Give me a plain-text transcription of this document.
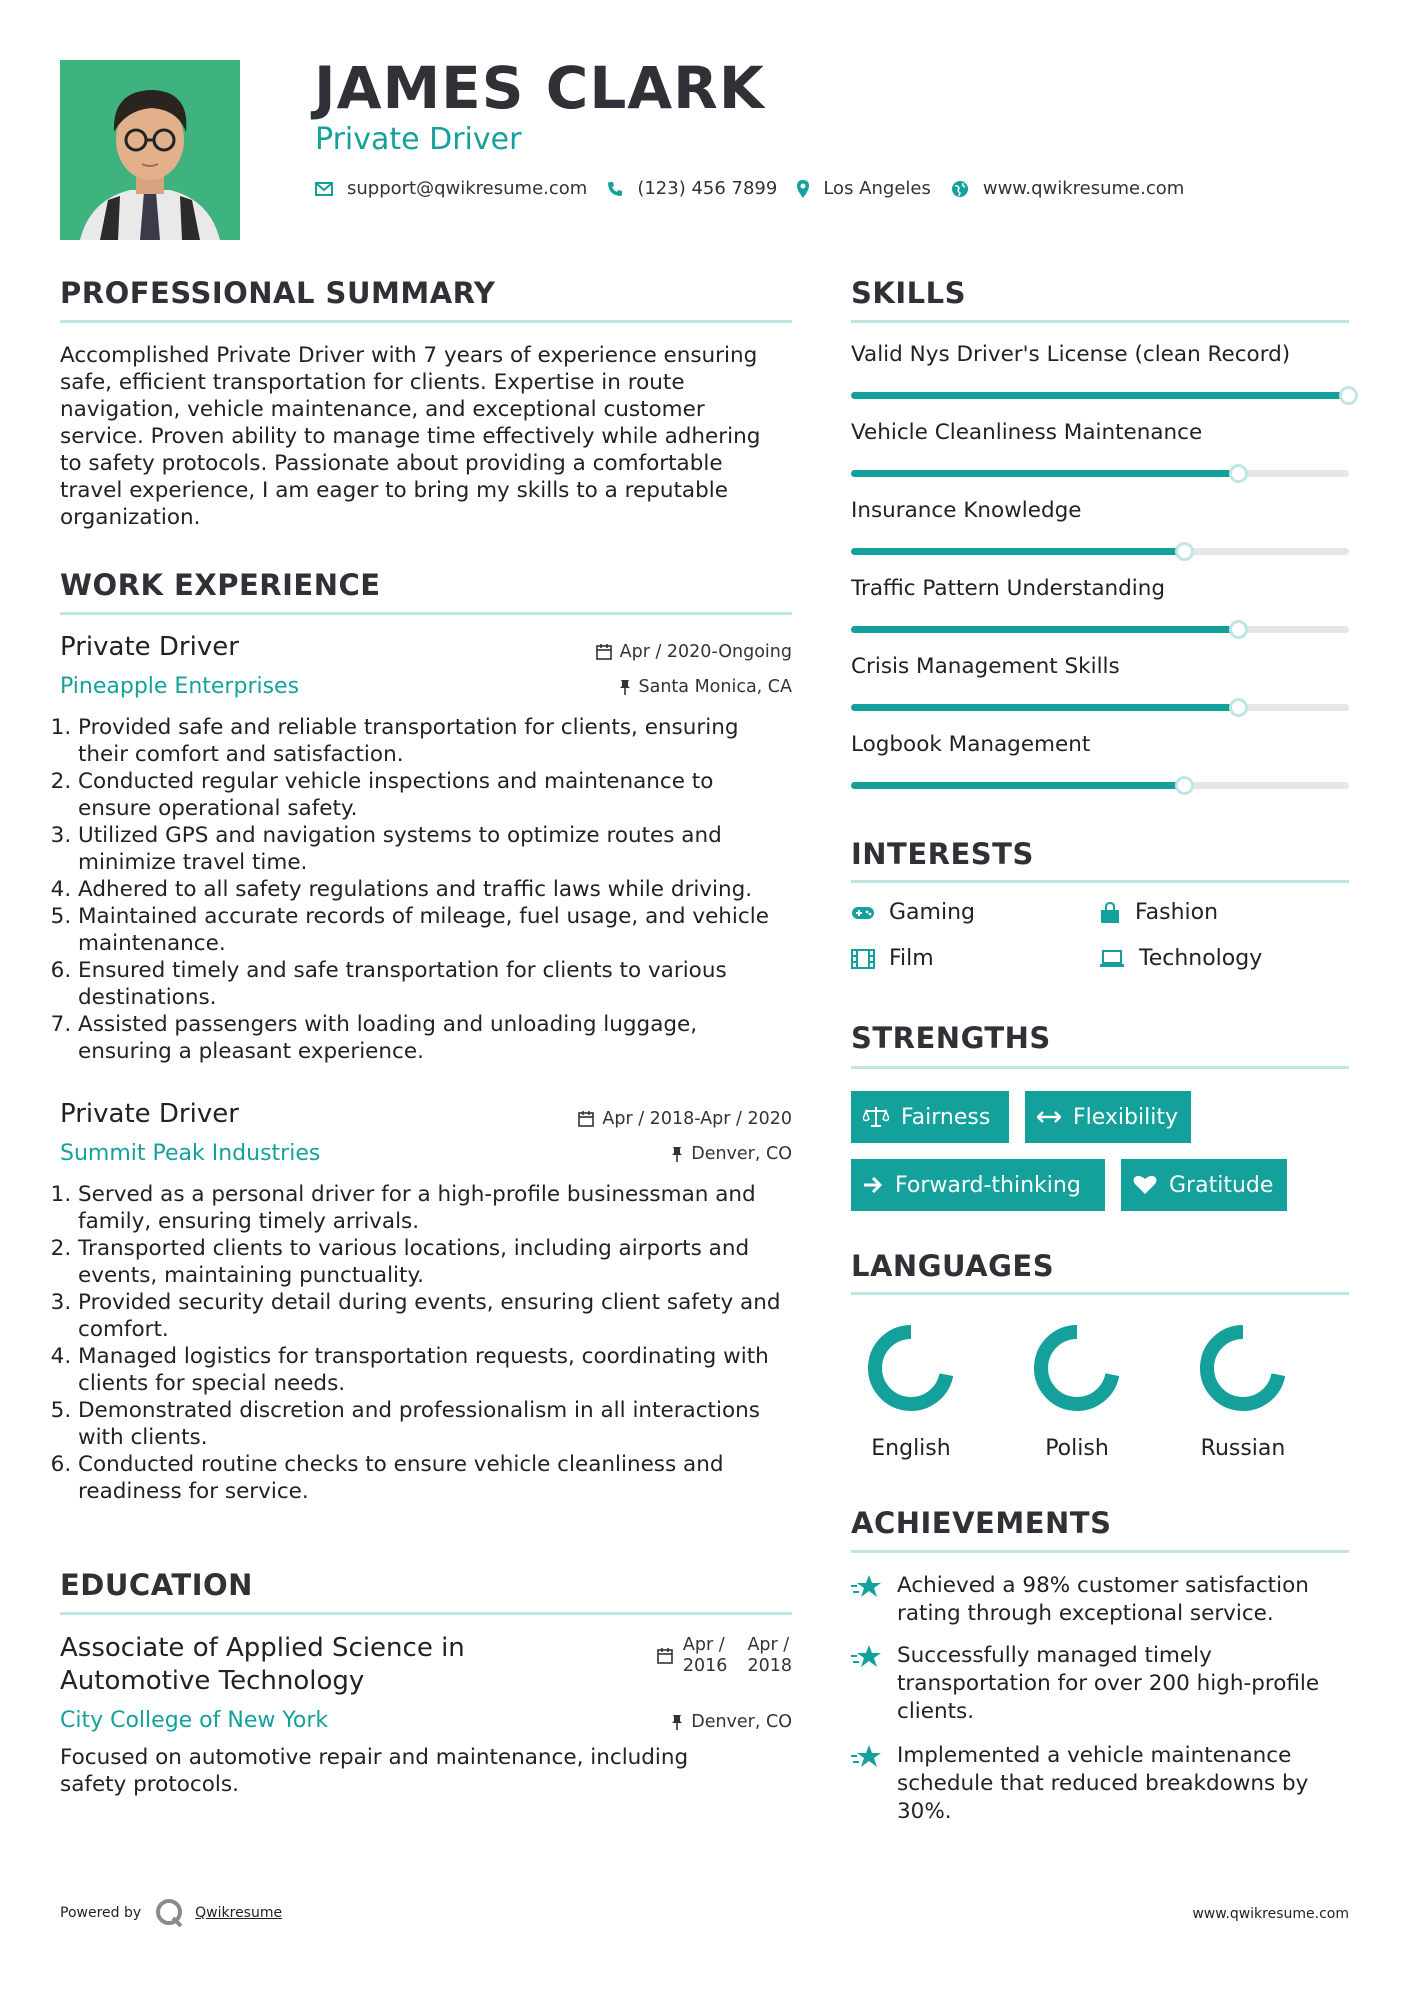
JAMES CLARK
Private Driver
support@qwikresume.com	(123) 456 7899	Los Angeles	www.qwikresume.com
PROFESSIONAL SUMMARY
Accomplished Private Driver with 7 years of experience ensuring
safe, efficient transportation for clients. Expertise in route
navigation, vehicle maintenance, and exceptional customer
service. Proven ability to manage time effectively while adhering
to safety protocols. Passionate about providing a comfortable
travel experience, I am eager to bring my skills to a reputable
organization.
WORK EXPERIENCE
Private Driver
Pineapple Enterprises
Apr / 2020-Ongoing
Santa Monica, CA
1. Provided safe and reliable transportation for clients, ensuring their comfort and satisfaction.
2. Conducted regular vehicle inspections and maintenance to ensure operational safety.
3. Utilized GPS and navigation systems to optimize routes and minimize travel time.
4. Adhered to all safety regulations and traffic laws while driving.
5. Maintained accurate records of mileage, fuel usage, and vehicle maintenance.
6. Ensured timely and safe transportation for clients to various destinations.
7. Assisted passengers with loading and unloading luggage, ensuring a pleasant experience.
Private Driver
Summit Peak Industries
Apr / 2018-Apr / 2020
Denver, CO
1. Served as a personal driver for a high-profile businessman and family, ensuring timely arrivals.
2. Transported clients to various locations, including airports and events, maintaining punctuality.
3. Provided security detail during events, ensuring client safety and comfort.
4. Managed logistics for transportation requests, coordinating with clients for special needs.
5. Demonstrated discretion and professionalism in all interactions with clients.
6. Conducted routine checks to ensure vehicle cleanliness and readiness for service.
EDUCATION
Associate of Applied Science in
Automotive Technology
City College of New York
Apr /
2016
Apr /
2018
Denver, CO
Focused on automotive repair and maintenance, including
safety protocols.
SKILLS
Valid Nys Driver's License (clean Record)
Vehicle Cleanliness Maintenance
Insurance Knowledge
Traffic Pattern Understanding
Crisis Management Skills
Logbook Management
INTERESTS
Gaming	Fashion
Film	Technology
STRENGTHS
Fairness	Flexibility
Forward-thinking	Gratitude
LANGUAGES
English	Polish	Russian
ACHIEVEMENTS
Achieved a 98% customer satisfaction
rating through exceptional service.
Successfully managed timely
transportation for over 200 high-profile
clients.
Implemented a vehicle maintenance
schedule that reduced breakdowns by
30%.
Powered by	Qwikresume	www.qwikresume.com
